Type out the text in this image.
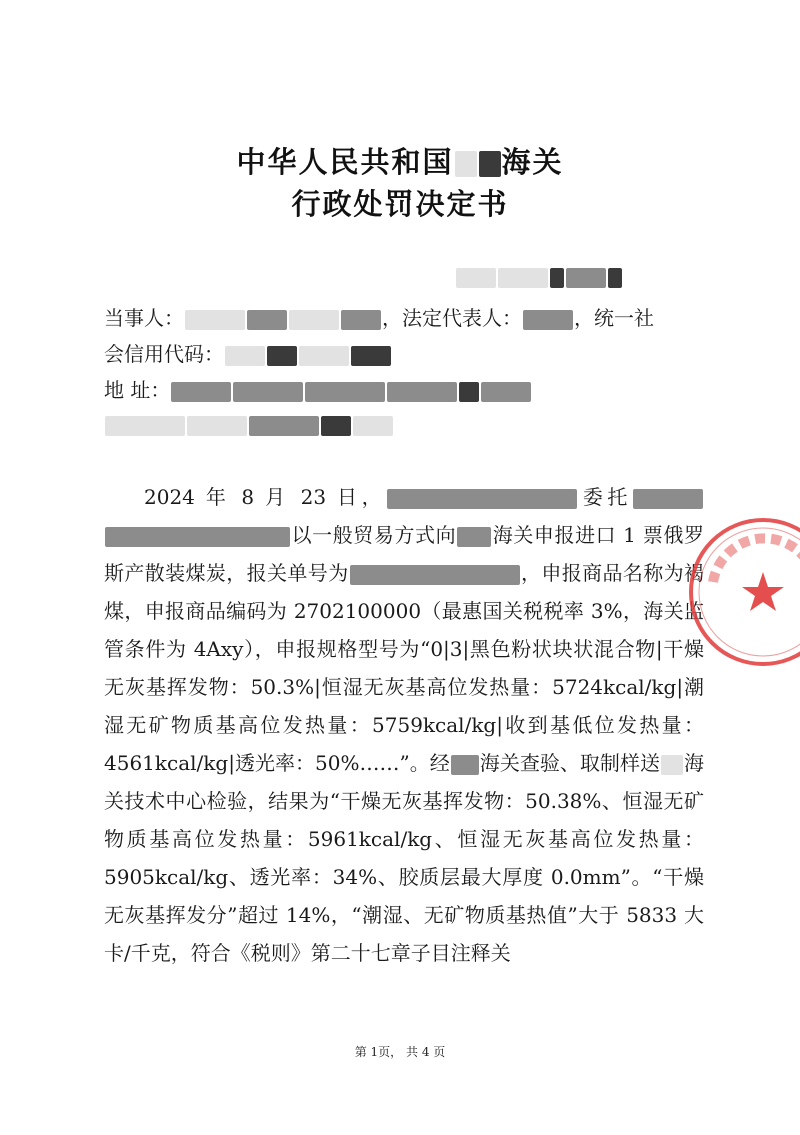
中华人民共和国 海关
行政处罚决定书
当事人：	，法定代表人：	，统一社
会信用代码：
地 址：
2024 年 8 月 23 日，	委托以一般贸易方式向 海关申报进口 1 票俄罗斯产散装煤炭，报关单号为	，申报商品名称为褐煤，申报商品编码为 2702100000（最惠国关税税率 3%，海关监管条件为 4Axy），申报规格型号为“0|3|黑色粉状块状混合物|干燥无灰基挥发物：50.3%|恒湿无灰基高位发热量：5724kcal/kg|潮湿无矿物质基高位发热量：5759kcal/kg|收到基低位发热量：4561kcal/kg|透光率：50%……”。经 海关查验、取制样送 海关技术中心检验，结果为“干燥无灰基挥发物：50.38%、恒湿无矿物质基高位发热量：5961kcal/kg、恒湿无灰基高位发热量：5905kcal/kg、透光率：34%、胶质层最大厚度 0.0mm”。“干燥无灰基挥发分”超过 14%，“潮湿、无矿物质基热值”大于 5833 大卡/千克，符合《税则》第二十七章子目注释关
第 1页， 共 4 页
